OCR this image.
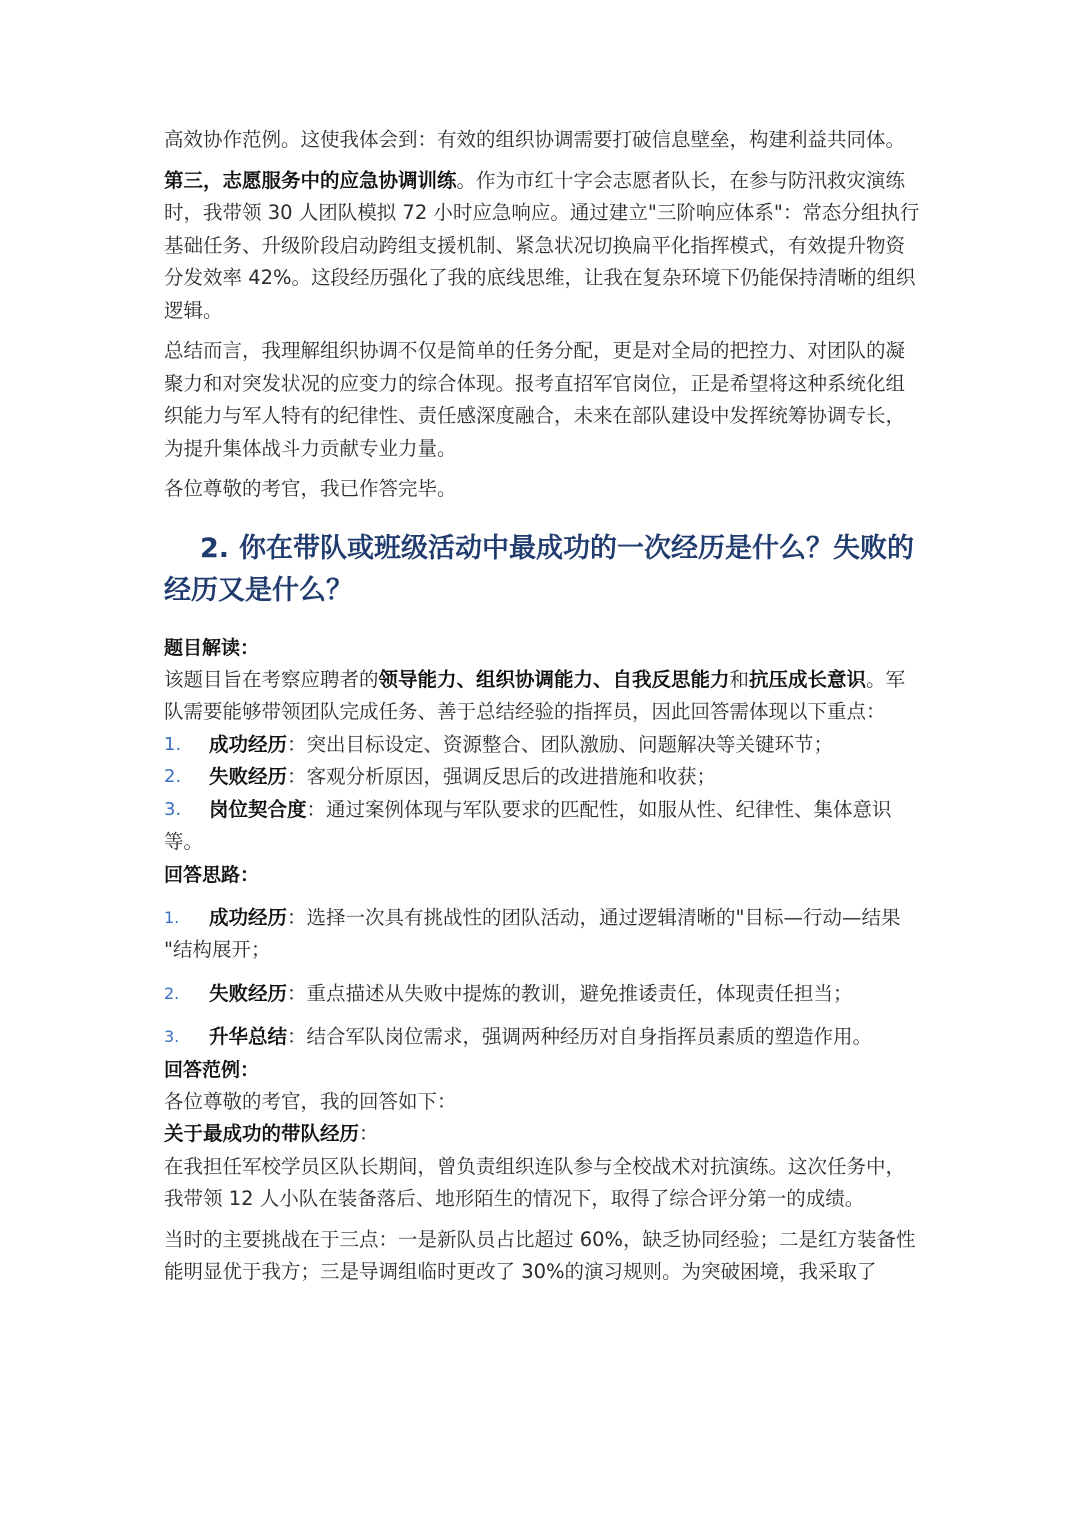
高效协作范例。这使我体会到：有效的组织协调需要打破信息壁垒，构建利益共同体。

第三，志愿服务中的应急协调训练。作为市红十字会志愿者队长，在参与防汛救灾演练时，我带领 30 人团队模拟 72 小时应急响应。通过建立"三阶响应体系"：常态分组执行基础任务、升级阶段启动跨组支援机制、紧急状况切换扁平化指挥模式，有效提升物资分发效率 42%。这段经历强化了我的底线思维，让我在复杂环境下仍能保持清晰的组织逻辑。

总结而言，我理解组织协调不仅是简单的任务分配，更是对全局的把控力、对团队的凝聚力和对突发状况的应变力的综合体现。报考直招军官岗位，正是希望将这种系统化组织能力与军人特有的纪律性、责任感深度融合，未来在部队建设中发挥统筹协调专长，为提升集体战斗力贡献专业力量。

各位尊敬的考官，我已作答完毕。

2. 你在带队或班级活动中最成功的一次经历是什么？失败的经历又是什么？

题目解读：

该题目旨在考察应聘者的领导能力、组织协调能力、自我反思能力和抗压成长意识。军队需要能够带领团队完成任务、善于总结经验的指挥员，因此回答需体现以下重点：

1.	成功经历：突出目标设定、资源整合、团队激励、问题解决等关键环节；
2.	失败经历：客观分析原因，强调反思后的改进措施和收获；
3.	岗位契合度：通过案例体现与军队要求的匹配性，如服从性、纪律性、集体意识

等。

回答思路：

1.	成功经历：选择一次具有挑战性的团队活动，通过逻辑清晰的"目标—行动—结果

"结构展开；

2.	失败经历：重点描述从失败中提炼的教训，避免推诿责任，体现责任担当；
3.	升华总结：结合军队岗位需求，强调两种经历对自身指挥员素质的塑造作用。

回答范例：

各位尊敬的考官，我的回答如下：

关于最成功的带队经历：

在我担任军校学员区队长期间，曾负责组织连队参与全校战术对抗演练。这次任务中，我带领 12 人小队在装备落后、地形陌生的情况下，取得了综合评分第一的成绩。

当时的主要挑战在于三点：一是新队员占比超过 60%，缺乏协同经验；二是红方装备性能明显优于我方；三是导调组临时更改了 30%的演习规则。为突破困境，我采取了
